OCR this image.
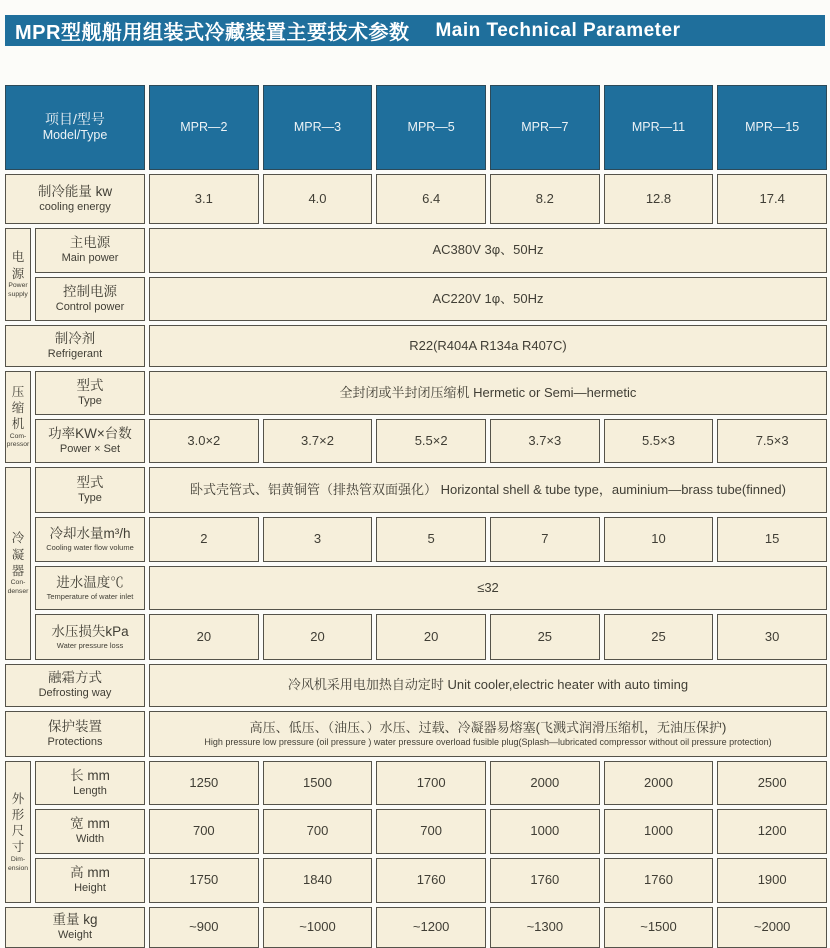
MPR型舰船用组装式冷藏装置主要技术参数 Main Technical Parameter
项目/型号
Model/Type
MPR—2	MPR—3	MPR—5	MPR—7	MPR—11	MPR—15
制冷能量 kw
cooling energy
3.1	4.0	6.4	8.2	12.8	17.4
电源
Power supply
主电源
Main power
AC380V 3φ、50Hz
控制电源
Control power
AC220V 1φ、50Hz
制冷剂
Refrigerant
R22(R404A R134a R407C)
压缩机
Com- pressor
型式
Type
全封闭或半封闭压缩机 Hermetic or Semi—hermetic
功率KW×台数
Power × Set
3.0×2	3.7×2	5.5×2	3.7×3	5.5×3	7.5×3
冷凝器
Con- denser
型式
Type
卧式壳管式、铝黄铜管（排热管双面强化） Horizontal shell & tube type，auminium—brass tube(finned)
冷却水量m³/h
Cooling water flow volume
2	3	5	7	10	15
进水温度℃
Temperature of water inlet
≤32
水压损失kPa
Water pressure loss
20	20	20	25	25	30
融霜方式
Defrosting way
冷风机采用电加热自动定时 Unit cooler,electric heater with auto timing
保护装置
Protections
高压、低压、（油压、）水压、过载、冷凝器易熔塞(飞溅式润滑压缩机，无油压保护)
High pressure low pressure (oil pressure ) water pressure overload fusible plug(Splash—lubricated compressor without oil pressure protection)
外形尺寸
Dim- ension
长 mm
Length
1250	1500	1700	2000	2000	2500
宽 mm
Width
700	700	700	1000	1000	1200
高 mm
Height
1750	1840	1760	1760	1760	1900
重量 kg
Weight
~900	~1000	~1200	~1300	~1500	~2000
